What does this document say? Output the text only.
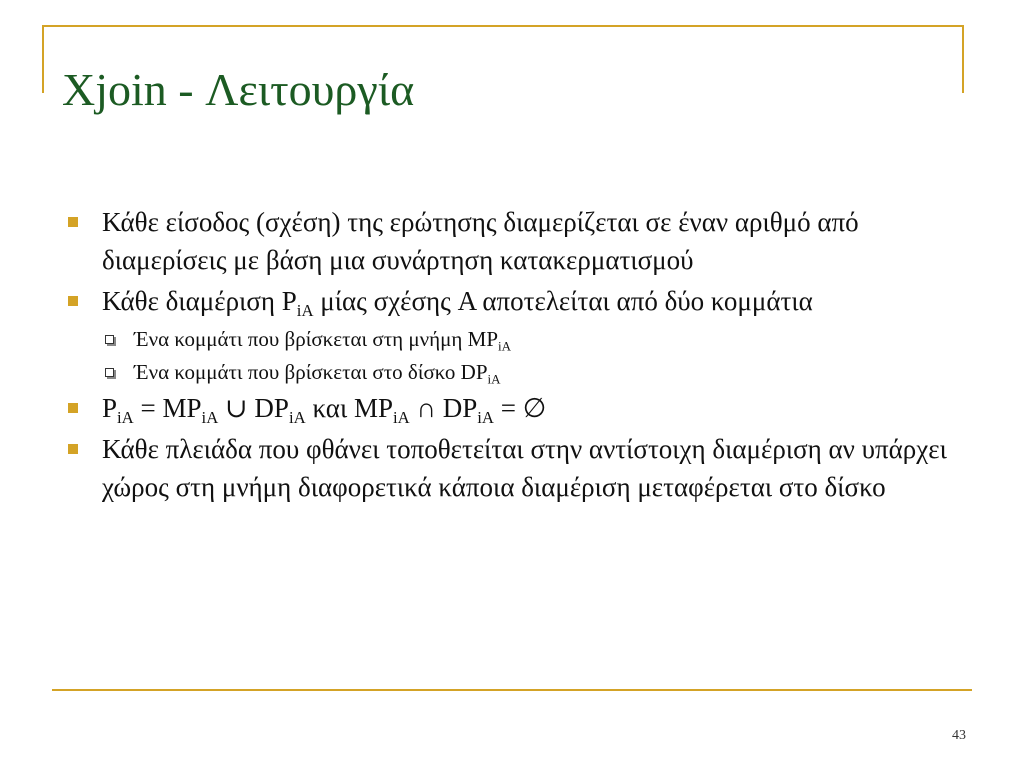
Xjoin - Λειτουργία
Κάθε είσοδος (σχέση) της ερώτησης διαμερίζεται σε έναν αριθμό από διαμερίσεις με βάση μια συνάρτηση κατακερματισμού
Κάθε διαμέριση $P_{iA}$ μίας σχέσης A αποτελείται από δύο κομμάτια
Ένα κομμάτι που βρίσκεται στη μνήμη $MP_{iA}$
Ένα κομμάτι που βρίσκεται στο δίσκο $DP_{iA}$
$P_{iA} = MP_{iA}$ ∪ $DP_{iA}$ και $MP_{iA}$ ∩ $DP_{iA}$ = ∅
Κάθε πλειάδα που φθάνει τοποθετείται στην αντίστοιχη διαμέριση αν υπάρχει χώρος στη μνήμη διαφορετικά κάποια διαμέριση μεταφέρεται στο δίσκο
43
